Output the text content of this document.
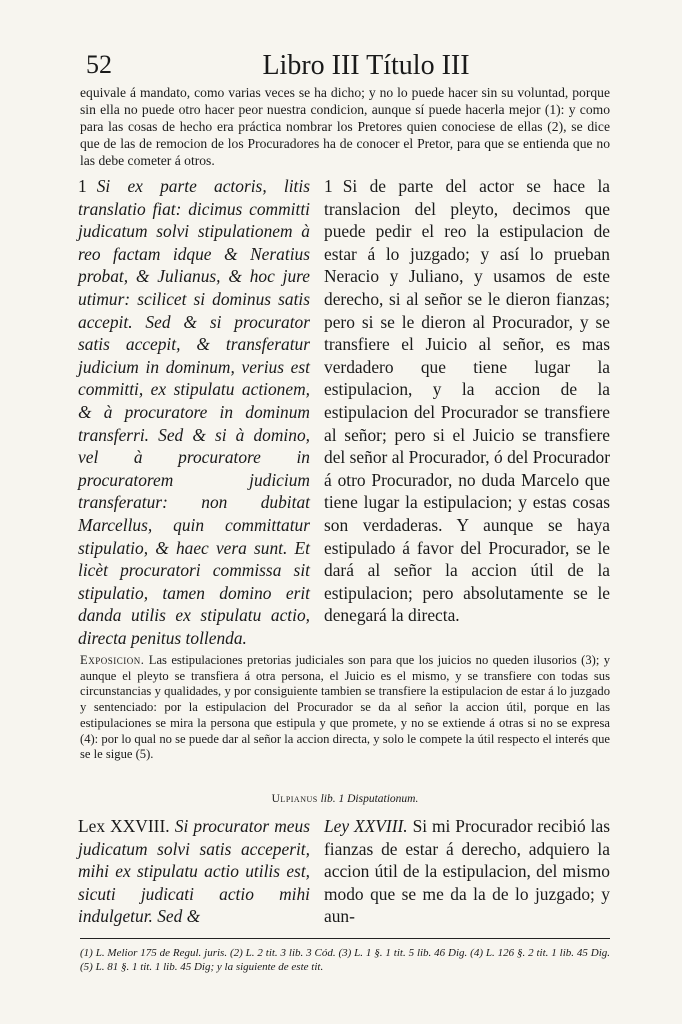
52	Libro III Título III

equivale á mandato, como varias veces se ha dicho; y no lo puede hacer sin su voluntad, porque sin ella no puede otro hacer peor nuestra condicion, aunque sí puede hacerla mejor (1): y como para las cosas de hecho era práctica nombrar los Pretores quien conociese de ellas (2), se dice que de las de remocion de los Procuradores ha de conocer el Pretor, para que se entienda que no las debe cometer á otros.

1 Si ex parte actoris, litis translatio fiat: dicimus committi judicatum solvi stipulationem à reo factam idque & Neratius probat, & Julianus, & hoc jure utimur: scilicet si dominus satis accepit. Sed & si procurator satis accepit, & transferatur judicium in dominum, verius est committi, ex stipulatu actionem, & à procuratore in dominum transferri. Sed & si à domino, vel à procuratore in procuratorem judicium transferatur: non dubitat Marcellus, quin committatur stipulatio, & haec vera sunt. Et licèt procuratori commissa sit stipulatio, tamen domino erit danda utilis ex stipulatu actio, directa penitus tollenda.

1 Si de parte del actor se hace la translacion del pleyto, decimos que puede pedir el reo la estipulacion de estar á lo juzgado; y así lo prueban Neracio y Juliano, y usamos de este derecho, si al señor se le dieron fianzas; pero si se le dieron al Procurador, y se transfiere el Juicio al señor, es mas verdadero que tiene lugar la estipulacion, y la accion de la estipulacion del Procurador se transfiere al señor; pero si el Juicio se transfiere del señor al Procurador, ó del Procurador á otro Procurador, no duda Marcelo que tiene lugar la estipulacion; y estas cosas son verdaderas. Y aunque se haya estipulado á favor del Procurador, se le dará al señor la accion útil de la estipulacion; pero absolutamente se le denegará la directa.

Exposicion. Las estipulaciones pretorias judiciales son para que los juicios no queden ilusorios (3); y aunque el pleyto se transfiera á otra persona, el Juicio es el mismo, y se transfiere con todas sus circunstancias y qualidades, y por consiguiente tambien se transfiere la estipulacion de estar á lo juzgado y sentenciado: por la estipulacion del Procurador se da al señor la accion útil, porque en las estipulaciones se mira la persona que estipula y que promete, y no se extiende á otras si no se expresa (4): por lo qual no se puede dar al señor la accion directa, y solo le compete la útil respecto el interés que se le sigue (5).

Ulpianus lib. 1 Disputationum.

Lex XXVIII. Si procurator meus judicatum solvi satis acceperit, mihi ex stipulatu actio utilis est, sicuti judicati actio mihi indulgetur. Sed &

Ley XXVIII. Si mi Procurador recibió las fianzas de estar á derecho, adquiero la accion útil de la estipulacion, del mismo modo que se me da la de lo juzgado; y aun-

(1) L. Melior 175 de Regul. juris. (2) L. 2 tit. 3 lib. 3 Cód. (3) L. 1 §. 1 tit. 5 lib. 46 Dig. (4) L. 126 §. 2 tit. 1 lib. 45 Dig. (5) L. 81 §. 1 tit. 1 lib. 45 Dig; y la siguiente de este tit.
